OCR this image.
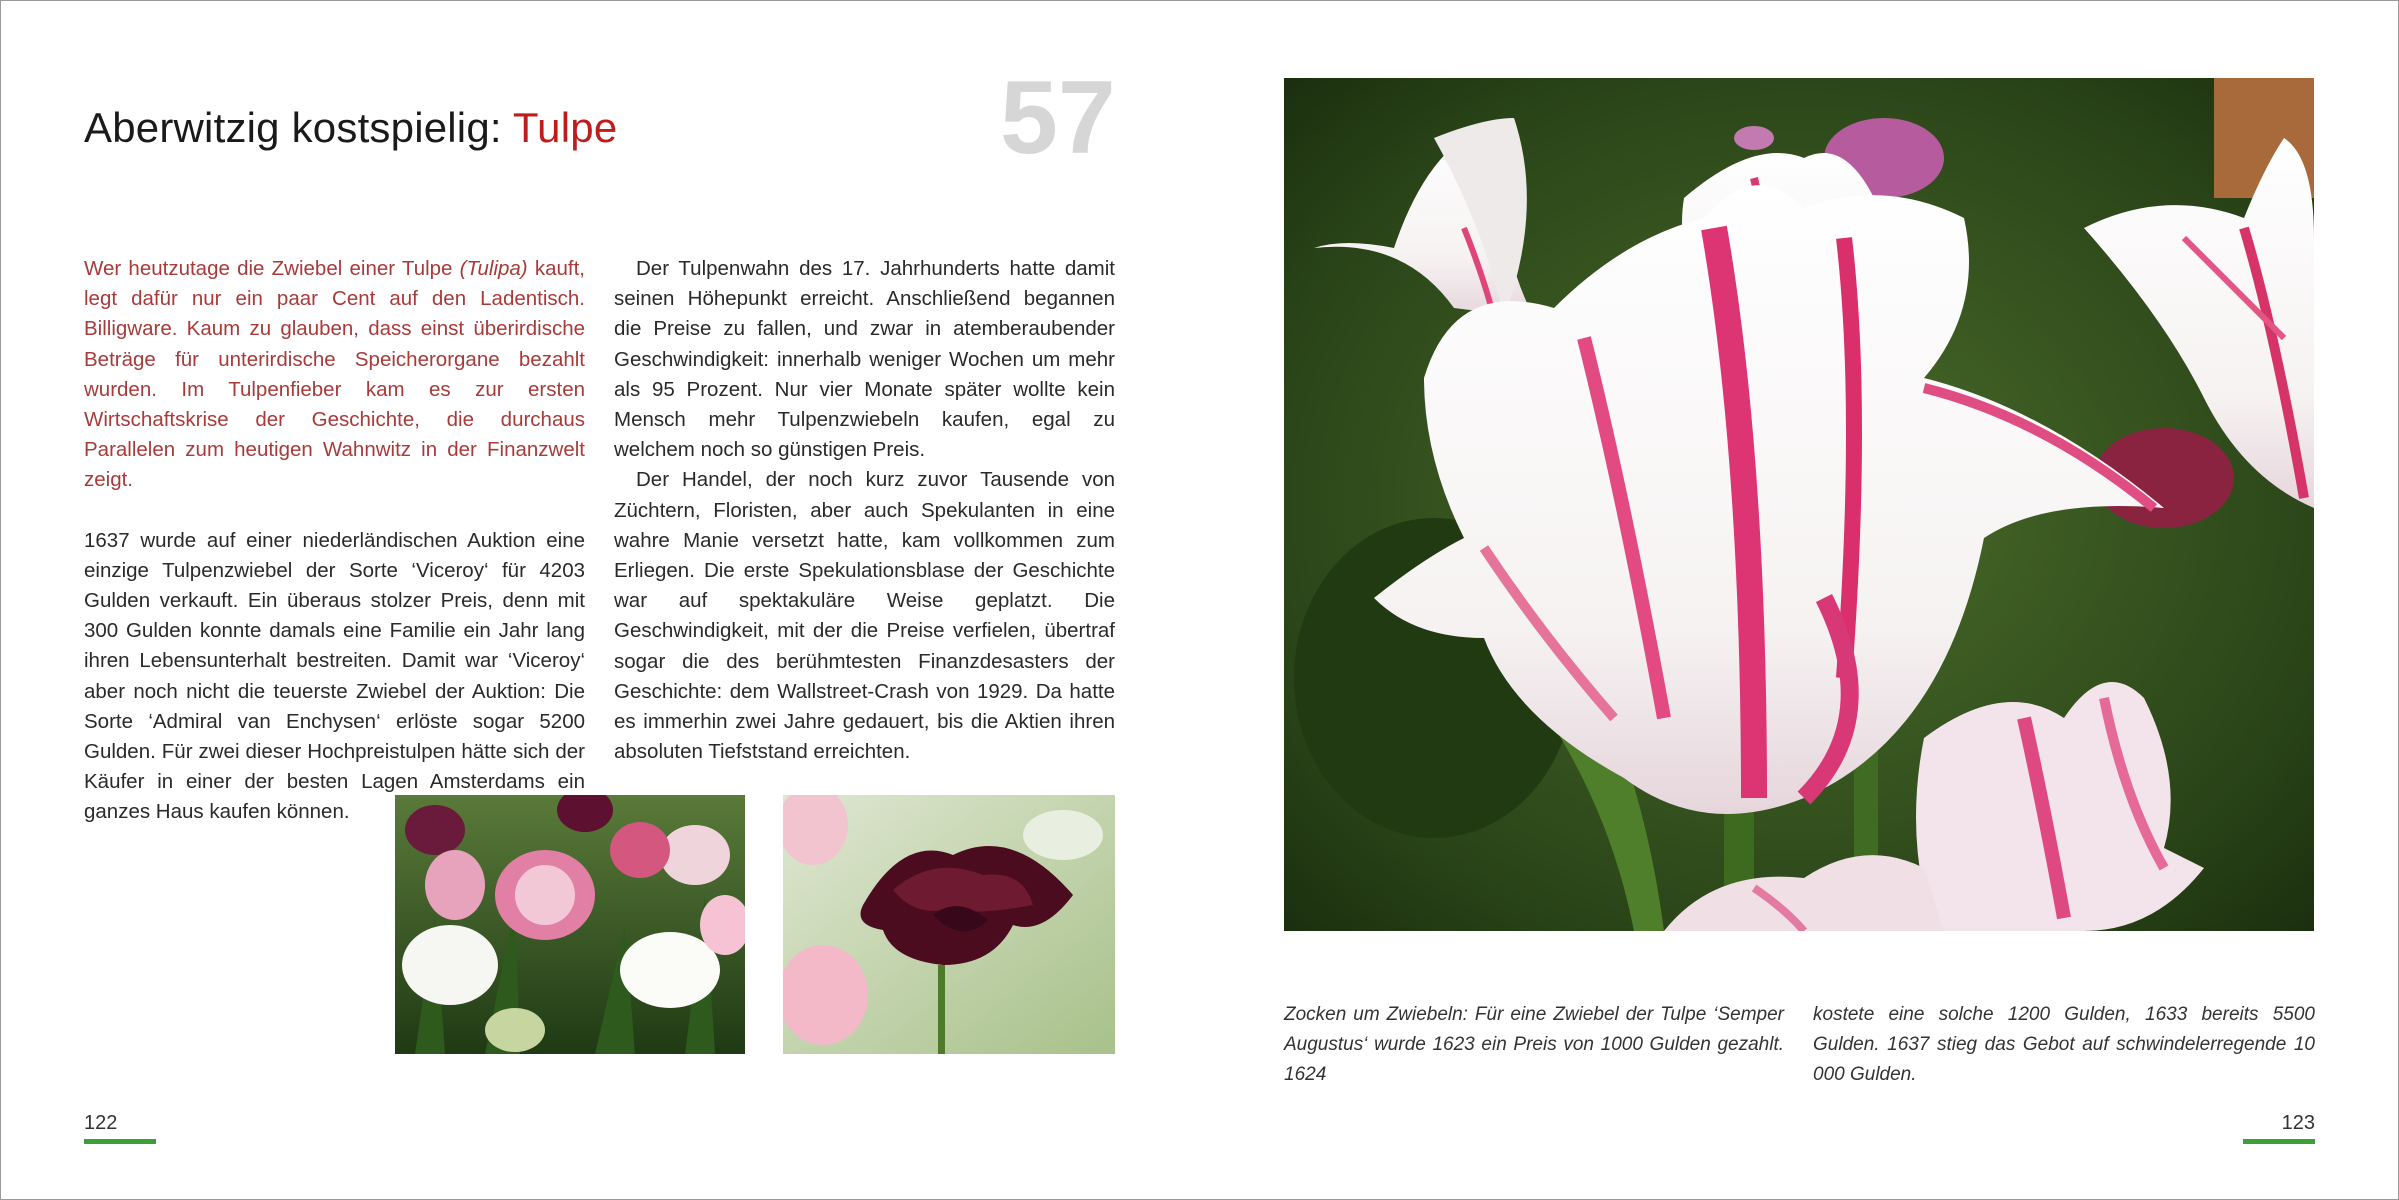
Aberwitzig kostspielig: Tulpe	57

Wer heutzutage die Zwiebel einer Tulpe (Tulipa) kauft, legt dafür nur ein paar Cent auf den Ladentisch. Billigware. Kaum zu glauben, dass einst überirdische Beträge für unterirdische Speicherorgane bezahlt wurden. Im Tulpenfieber kam es zur ersten Wirtschaftskrise der Geschichte, die durchaus Parallelen zum heutigen Wahnwitz in der Finanzwelt zeigt.

1637 wurde auf einer niederländischen Auktion eine einzige Tulpenzwiebel der Sorte ‘Viceroy‘ für 4203 Gulden verkauft. Ein überaus stolzer Preis, denn mit 300 Gulden konnte damals eine Familie ein Jahr lang ihren Lebensunterhalt bestreiten. Damit war ‘Viceroy‘ aber noch nicht die teuerste Zwiebel der Auktion: Die Sorte ‘Admiral van Enchysen‘ erlöste sogar 5200 Gulden. Für zwei dieser Hochpreistulpen hätte sich der Käufer in einer der besten Lagen Amsterdams ein ganzes Haus kaufen können.

Der Tulpenwahn des 17. Jahrhunderts hatte damit seinen Höhepunkt erreicht. Anschließend begannen die Preise zu fallen, und zwar in atemberaubender Geschwindigkeit: innerhalb weniger Wochen um mehr als 95 Prozent. Nur vier Monate später wollte kein Mensch mehr Tulpenzwiebeln kaufen, egal zu welchem noch so günstigen Preis.

Der Handel, der noch kurz zuvor Tausende von Züchtern, Floristen, aber auch Spekulanten in eine wahre Manie versetzt hatte, kam vollkommen zum Erliegen. Die erste Spekulationsblase der Geschichte war auf spektakuläre Weise geplatzt. Die Geschwindigkeit, mit der die Preise verfielen, übertraf sogar die des berühmtesten Finanzdesasters der Geschichte: dem Wallstreet-Crash von 1929. Da hatte es immerhin zwei Jahre gedauert, bis die Aktien ihren absoluten Tiefststand erreichten.

122
Zocken um Zwiebeln: Für eine Zwiebel der Tulpe ‘Semper Augustus‘ wurde 1623 ein Preis von 1000 Gulden gezahlt. 1624
kostete eine solche 1200 Gulden, 1633 bereits 5500 Gulden. 1637 stieg das Gebot auf schwindelerregende 10 000 Gulden.
123
